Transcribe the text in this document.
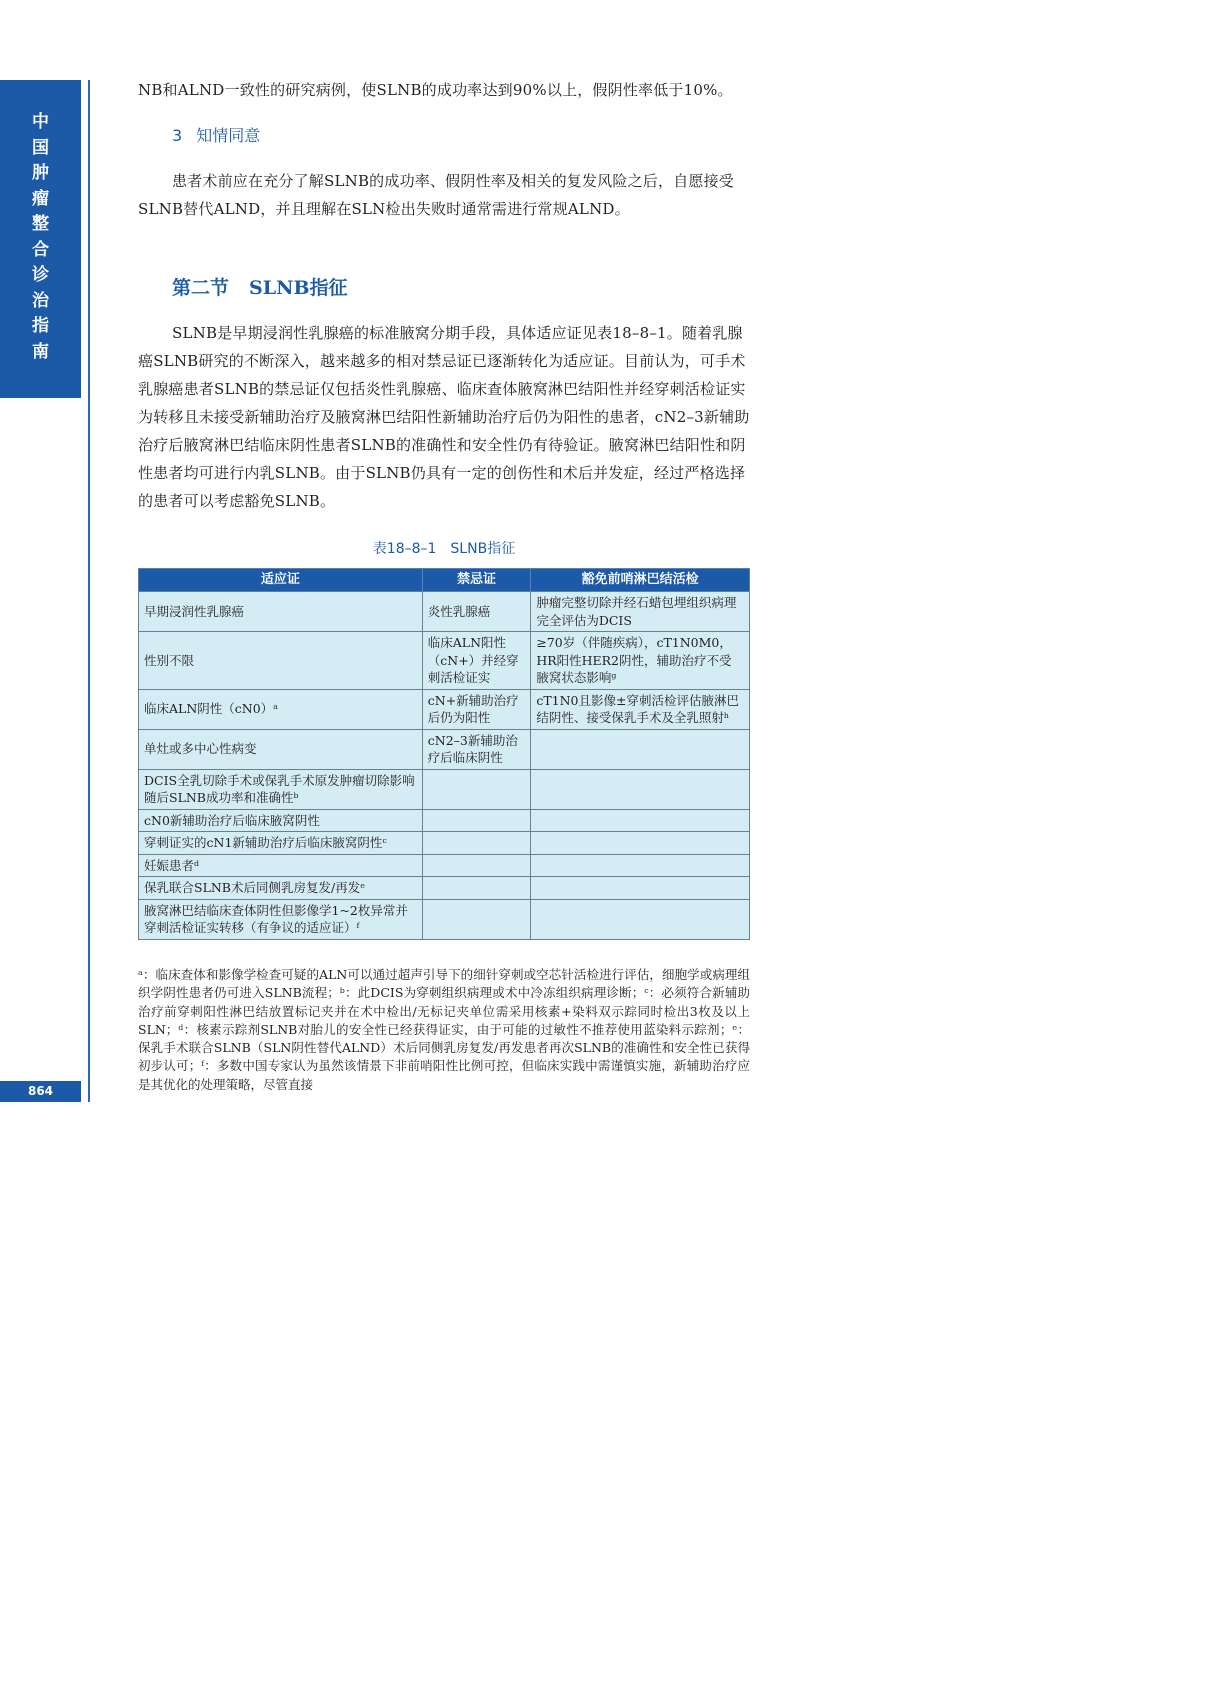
中
国
肿
瘤
整
合
诊
治
指
南
864
NB和ALND一致性的研究病例，使SLNB的成功率达到90%以上，假阴性率低于10%。
3 知情同意
患者术前应在充分了解SLNB的成功率、假阴性率及相关的复发风险之后，自愿接受SLNB替代ALND，并且理解在SLN检出失败时通常需进行常规ALND。
第二节 SLNB指征
SLNB是早期浸润性乳腺癌的标准腋窝分期手段，具体适应证见表18–8–1。随着乳腺癌SLNB研究的不断深入，越来越多的相对禁忌证已逐渐转化为适应证。目前认为，可手术乳腺癌患者SLNB的禁忌证仅包括炎性乳腺癌、临床查体腋窝淋巴结阳性并经穿刺活检证实为转移且未接受新辅助治疗及腋窝淋巴结阳性新辅助治疗后仍为阳性的患者，cN2–3新辅助治疗后腋窝淋巴结临床阴性患者SLNB的准确性和安全性仍有待验证。腋窝淋巴结阳性和阴性患者均可进行内乳SLNB。由于SLNB仍具有一定的创伤性和术后并发症，经过严格选择的患者可以考虑豁免SLNB。
表18–8–1　SLNB指征
适应证	禁忌证	豁免前哨淋巴结活检
早期浸润性乳腺癌	炎性乳腺癌	肿瘤完整切除并经石蜡包埋组织病理完全评估为DCIS
性别不限	临床ALN阳性（cN+）并经穿刺活检证实	≥70岁（伴随疾病），cT1N0M0，HR阳性HER2阴性，辅助治疗不受腋窝状态影响ᵍ
临床ALN阴性（cN0）ᵃ	cN+新辅助治疗后仍为阳性	cT1N0且影像±穿刺活检评估腋淋巴结阴性、接受保乳手术及全乳照射ʰ
单灶或多中心性病变	cN2–3新辅助治疗后临床阴性	
DCIS全乳切除手术或保乳手术原发肿瘤切除影响随后SLNB成功率和准确性ᵇ		
cN0新辅助治疗后临床腋窝阴性		
穿刺证实的cN1新辅助治疗后临床腋窝阴性ᶜ		
妊娠患者ᵈ		
保乳联合SLNB术后同侧乳房复发/再发ᵉ		
腋窝淋巴结临床查体阴性但影像学1~2枚异常并穿刺活检证实转移（有争议的适应证）ᶠ		
ᵃ：临床查体和影像学检查可疑的ALN可以通过超声引导下的细针穿刺或空芯针活检进行评估，细胞学或病理组织学阴性患者仍可进入SLNB流程；ᵇ：此DCIS为穿刺组织病理或术中冷冻组织病理诊断；ᶜ：必须符合新辅助治疗前穿刺阳性淋巴结放置标记夹并在术中检出/无标记夹单位需采用核素+染料双示踪同时检出3枚及以上SLN；ᵈ：核素示踪剂SLNB对胎儿的安全性已经获得证实，由于可能的过敏性不推荐使用蓝染料示踪剂；ᵉ：保乳手术联合SLNB（SLN阴性替代ALND）术后同侧乳房复发/再发患者再次SLNB的准确性和安全性已获得初步认可；ᶠ：多数中国专家认为虽然该情景下非前哨阳性比例可控，但临床实践中需谨慎实施，新辅助治疗应是其优化的处理策略，尽管直接
